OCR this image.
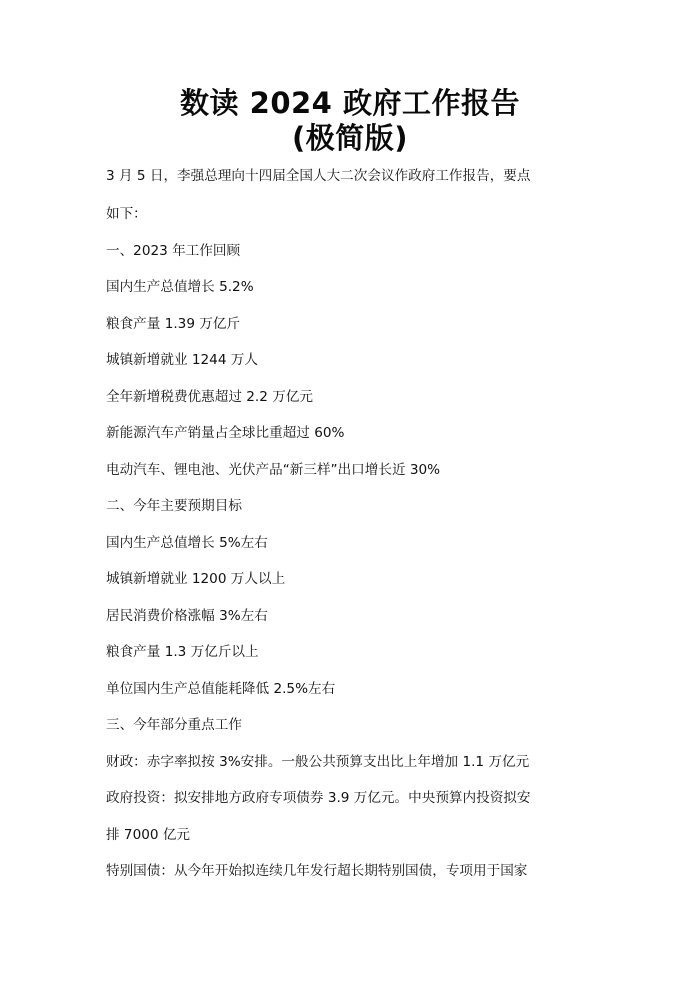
数读 2024 政府工作报告
(极简版)
3 月 5 日，李强总理向十四届全国人大二次会议作政府工作报告，要点
如下：
一、2023 年工作回顾
国内生产总值增长 5.2%
粮食产量 1.39 万亿斤
城镇新增就业 1244 万人
全年新增税费优惠超过 2.2 万亿元
新能源汽车产销量占全球比重超过 60%
电动汽车、锂电池、光伏产品“新三样”出口增长近 30%
二、今年主要预期目标
国内生产总值增长 5%左右
城镇新增就业 1200 万人以上
居民消费价格涨幅 3%左右
粮食产量 1.3 万亿斤以上
单位国内生产总值能耗降低 2.5%左右
三、今年部分重点工作
财政：赤字率拟按 3%安排。一般公共预算支出比上年增加 1.1 万亿元
政府投资：拟安排地方政府专项债券 3.9 万亿元。中央预算内投资拟安
排 7000 亿元
特别国债：从今年开始拟连续几年发行超长期特别国债，专项用于国家
